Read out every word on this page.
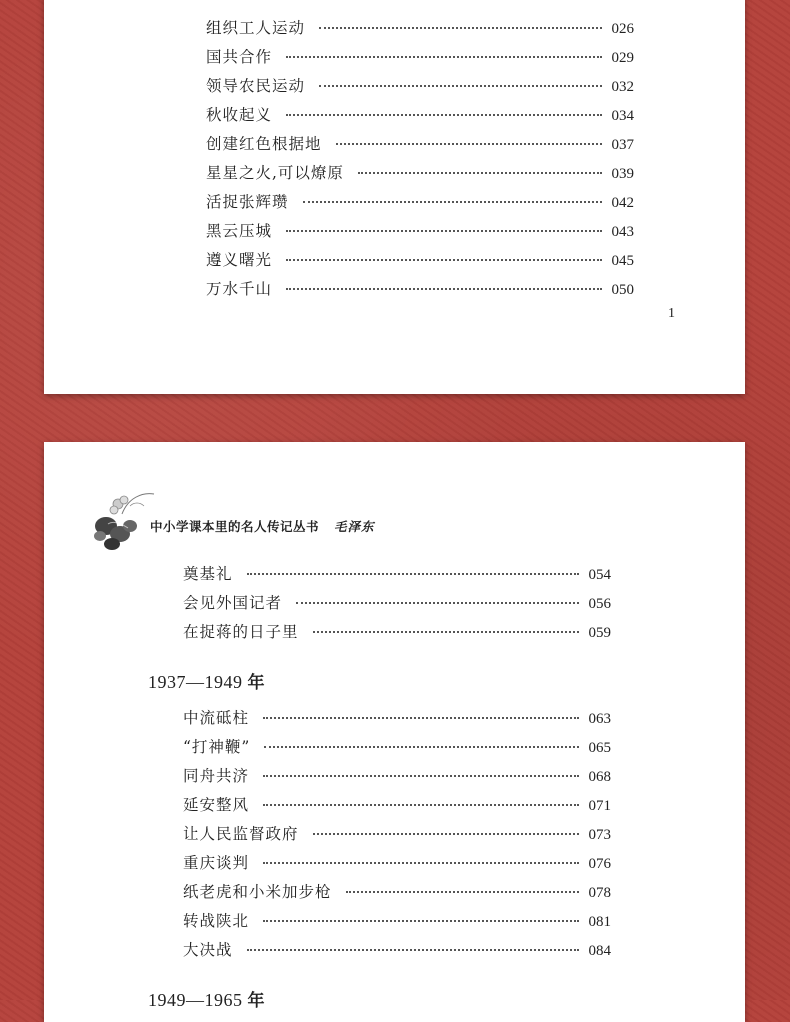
组织工人运动	026
国共合作	029
领导农民运动	032
秋收起义	034
创建红色根据地	037
星星之火,可以燎原	039
活捉张辉瓒	042
黑云压城	043
遵义曙光	045
万水千山	050
1
中小学课本里的名人传记丛书 毛泽东
奠基礼	054
会见外国记者	056
在捉蒋的日子里	059
1937—1949 年
中流砥柱	063
“打神鞭”	065
同舟共济	068
延安整风	071
让人民监督政府	073
重庆谈判	076
纸老虎和小米加步枪	078
转战陕北	081
大决战	084
1949—1965 年
